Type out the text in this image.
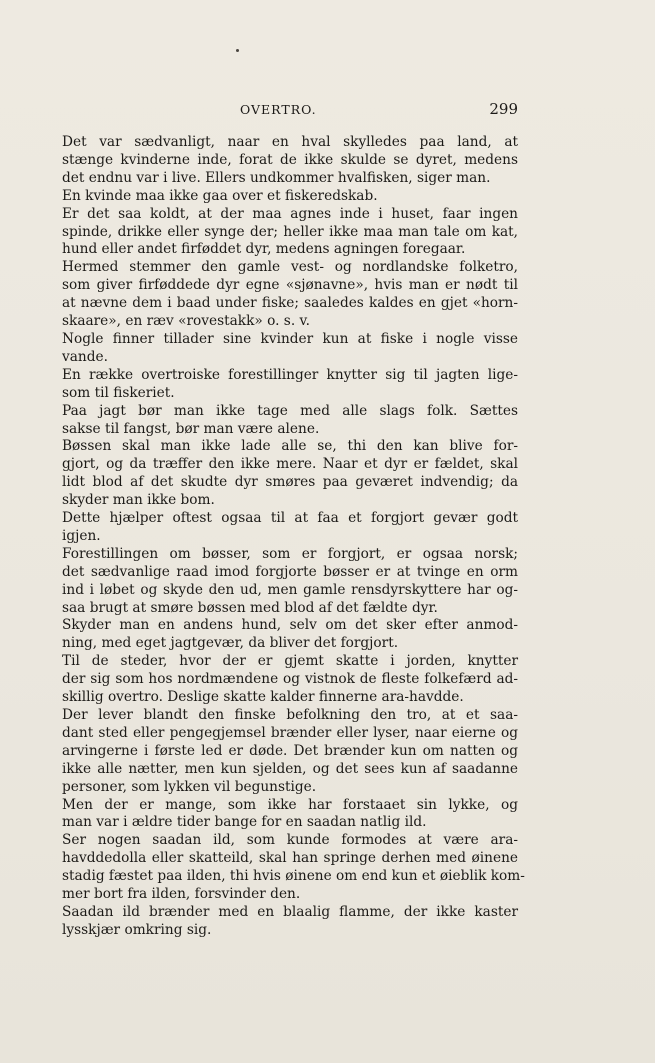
OVERTRO.	299
Det var sædvanligt, naar en hval skylledes paa land, at
stænge kvinderne inde, forat de ikke skulde se dyret, medens
det endnu var i live. Ellers undkommer hvalfisken, siger man.
En kvinde maa ikke gaa over et fiskeredskab.
Er det saa koldt, at der maa agnes inde i huset, faar ingen
spinde, drikke eller synge der; heller ikke maa man tale om kat,
hund eller andet firføddet dyr, medens agningen foregaar.
Hermed stemmer den gamle vest- og nordlandske folketro,
som giver firføddede dyr egne «sjønavne», hvis man er nødt til
at nævne dem i baad under fiske; saaledes kaldes en gjet «horn-
skaare», en ræv «rovestakk» o. s. v.
Nogle finner tillader sine kvinder kun at fiske i nogle visse
vande.
En række overtroiske forestillinger knytter sig til jagten lige-
som til fiskeriet.
Paa jagt bør man ikke tage med alle slags folk. Sættes
sakse til fangst, bør man være alene.
Bøssen skal man ikke lade alle se, thi den kan blive for-
gjort, og da træffer den ikke mere. Naar et dyr er fældet, skal
lidt blod af det skudte dyr smøres paa geværet indvendig; da
skyder man ikke bom.
Dette hjælper oftest ogsaa til at faa et forgjort gevær godt
igjen.
Forestillingen om bøsser, som er forgjort, er ogsaa norsk;
det sædvanlige raad imod forgjorte bøsser er at tvinge en orm
ind i løbet og skyde den ud, men gamle rensdyrskyttere har og-
saa brugt at smøre bøssen med blod af det fældte dyr.
Skyder man en andens hund, selv om det sker efter anmod-
ning, med eget jagtgevær, da bliver det forgjort.
Til de steder, hvor der er gjemt skatte i jorden, knytter
der sig som hos nordmændene og vistnok de fleste folkefærd ad-
skillig overtro. Deslige skatte kalder finnerne ara-havdde.
Der lever blandt den finske befolkning den tro, at et saa-
dant sted eller pengegjemsel brænder eller lyser, naar eierne og
arvingerne i første led er døde. Det brænder kun om natten og
ikke alle nætter, men kun sjelden, og det sees kun af saadanne
personer, som lykken vil begunstige.
Men der er mange, som ikke har forstaaet sin lykke, og
man var i ældre tider bange for en saadan natlig ild.
Ser nogen saadan ild, som kunde formodes at være ara-
havddedolla eller skatteild, skal han springe derhen med øinene
stadig fæstet paa ilden, thi hvis øinene om end kun et øieblik kom-
mer bort fra ilden, forsvinder den.
Saadan ild brænder med en blaalig flamme, der ikke kaster
lysskjær omkring sig.
